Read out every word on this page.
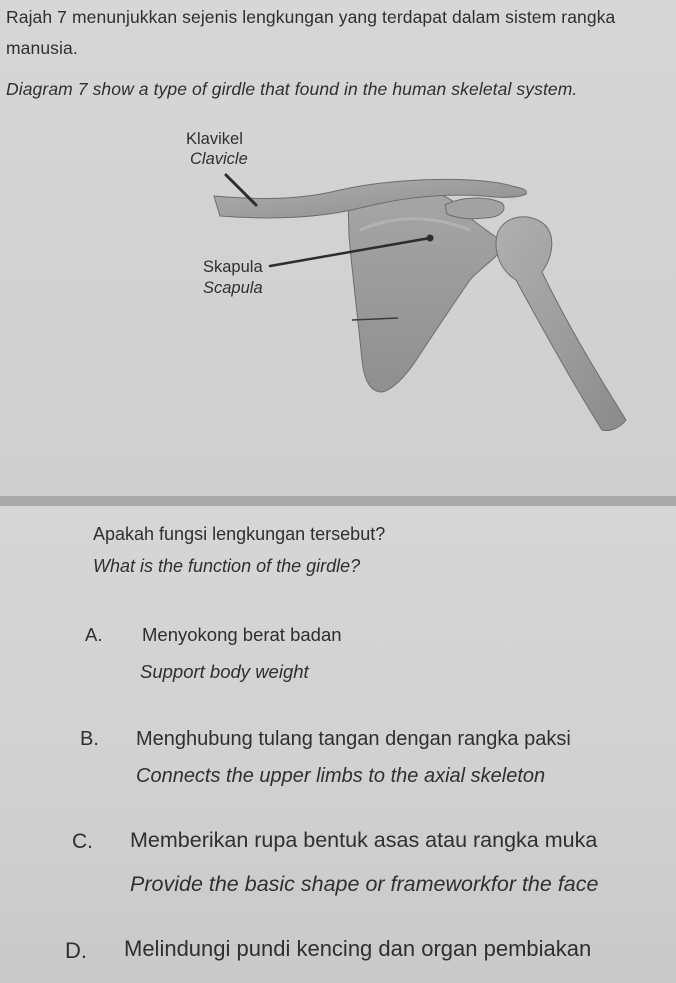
Rajah 7 menunjukkan sejenis lengkungan yang terdapat dalam sistem rangka
manusia.
Diagram 7 show a type of girdle that found in the human skeletal system.
Klavikel
Clavicle
Skapula
Scapula
Apakah fungsi lengkungan tersebut?
What is the function of the girdle?
A. Menyokong berat badan
Support body weight
B. Menghubung tulang tangan dengan rangka paksi
Connects the upper limbs to the axial skeleton
C. Memberikan rupa bentuk asas atau rangka muka
Provide the basic shape or frameworkfor the face
D. Melindungi pundi kencing dan organ pembiakan
